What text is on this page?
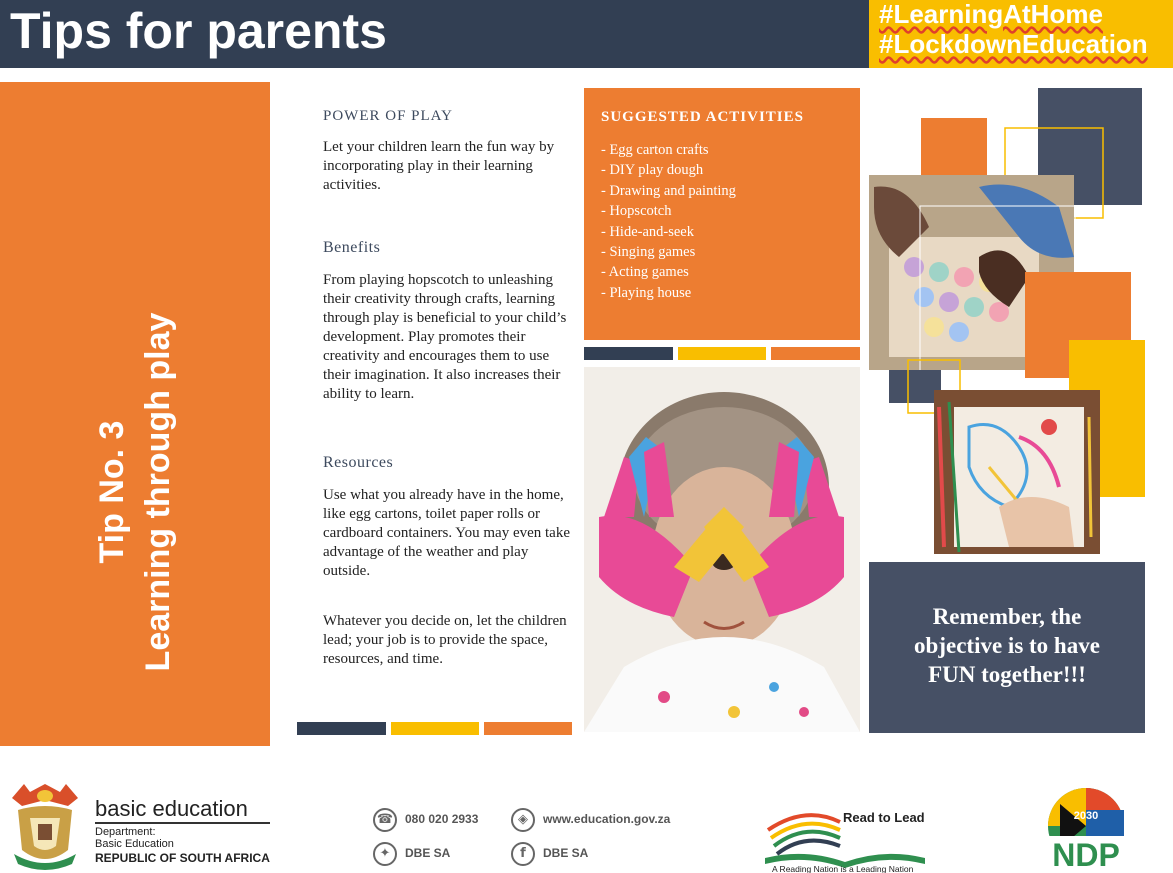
Tips for parents	#LearningAtHome
#LockdownEducation
Tip No. 3 Learning through play
POWER OF PLAY
Let your children learn the fun way by incorporating play in their learning activities.
Benefits
From playing hopscotch to unleashing their creativity through crafts, learning through play is beneficial to your child’s development. Play promotes their creativity and encourages them to use their imagination. It also increases their ability to learn.
Resources
Use what you already have in the home, like egg cartons, toilet paper rolls or cardboard containers. You may even take advantage of the weather and play outside.
Whatever you decide on, let the children lead; your job is to provide the space, resources, and time.
SUGGESTED ACTIVITIES
- Egg carton crafts
- DIY play dough
- Drawing and painting
- Hopscotch
- Hide-and-seek
- Singing games
- Acting games
- Playing house
Remember, the
objective is to have
FUN together!!!
basic education
Department:
Basic Education
REPUBLIC OF SOUTH AFRICA
☎ 080 020 2933	◈	www.education.gov.za
✦	DBE SA	f	DBE SA
Read to Lead
A Reading Nation is a Leading Nation
2030
NDP
